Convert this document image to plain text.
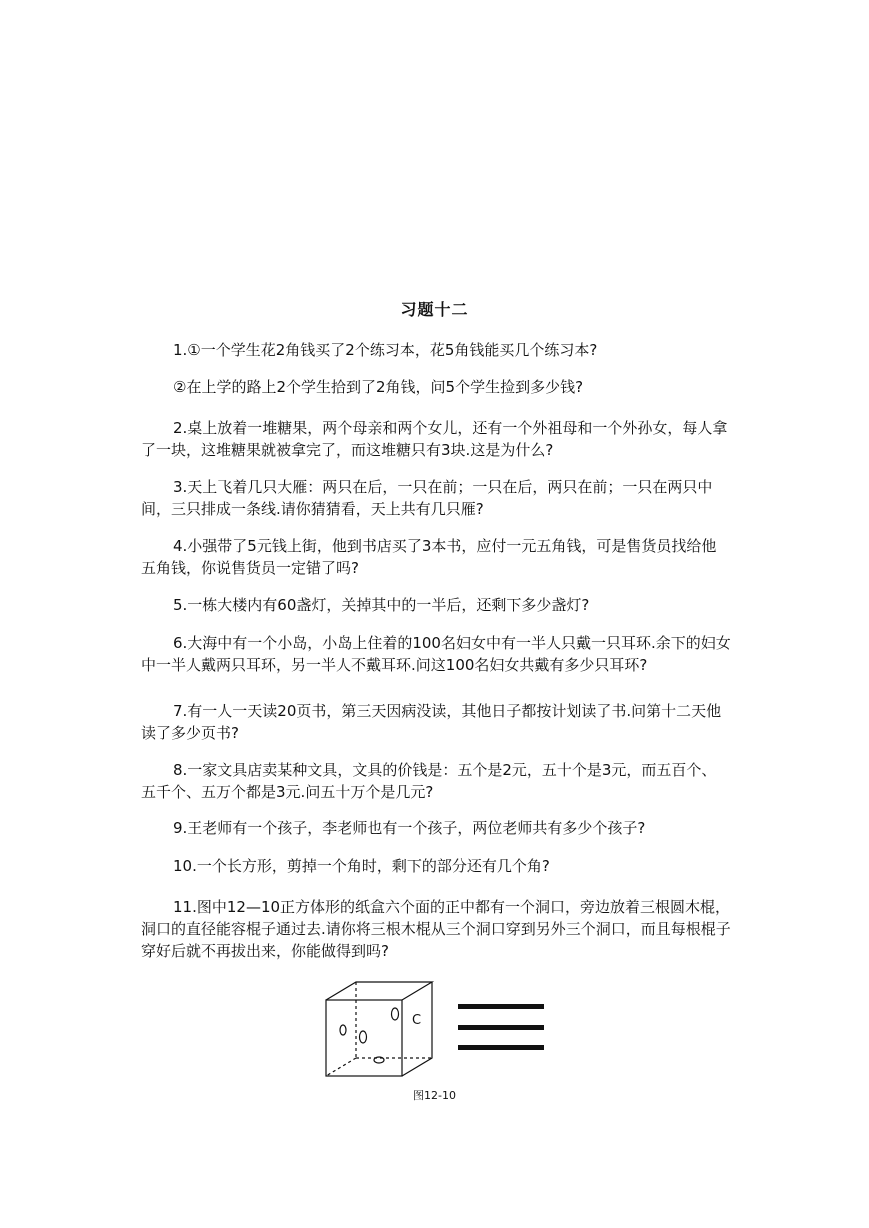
习题十二

1.①一个学生花2角钱买了2个练习本，花5角钱能买几个练习本?

②在上学的路上2个学生拾到了2角钱，问5个学生捡到多少钱?

2.桌上放着一堆糖果，两个母亲和两个女儿，还有一个外祖母和一个外孙女，每人拿了一块，这堆糖果就被拿完了，而这堆糖只有3块.这是为什么?

3.天上飞着几只大雁：两只在后，一只在前；一只在后，两只在前；一只在两只中间，三只排成一条线.请你猜猜看，天上共有几只雁?

4.小强带了5元钱上街，他到书店买了3本书，应付一元五角钱，可是售货员找给他五角钱，你说售货员一定错了吗?

5.一栋大楼内有60盏灯，关掉其中的一半后，还剩下多少盏灯?

6.大海中有一个小岛，小岛上住着的100名妇女中有一半人只戴一只耳环.余下的妇女中一半人戴两只耳环，另一半人不戴耳环.问这100名妇女共戴有多少只耳环?

7.有一人一天读20页书，第三天因病没读，其他日子都按计划读了书.问第十二天他读了多少页书?

8.一家文具店卖某种文具，文具的价钱是：五个是2元，五十个是3元，而五百个、五千个、五万个都是3元.问五十万个是几元?

9.王老师有一个孩子，李老师也有一个孩子，两位老师共有多少个孩子?

10.一个长方形，剪掉一个角时，剩下的部分还有几个角?

11.图中12—10正方体形的纸盒六个面的正中都有一个洞口，旁边放着三根圆木棍，洞口的直径能容棍子通过去.请你将三根木棍从三个洞口穿到另外三个洞口，而且每根棍子穿好后就不再拔出来，你能做得到吗?

C
图12-10
